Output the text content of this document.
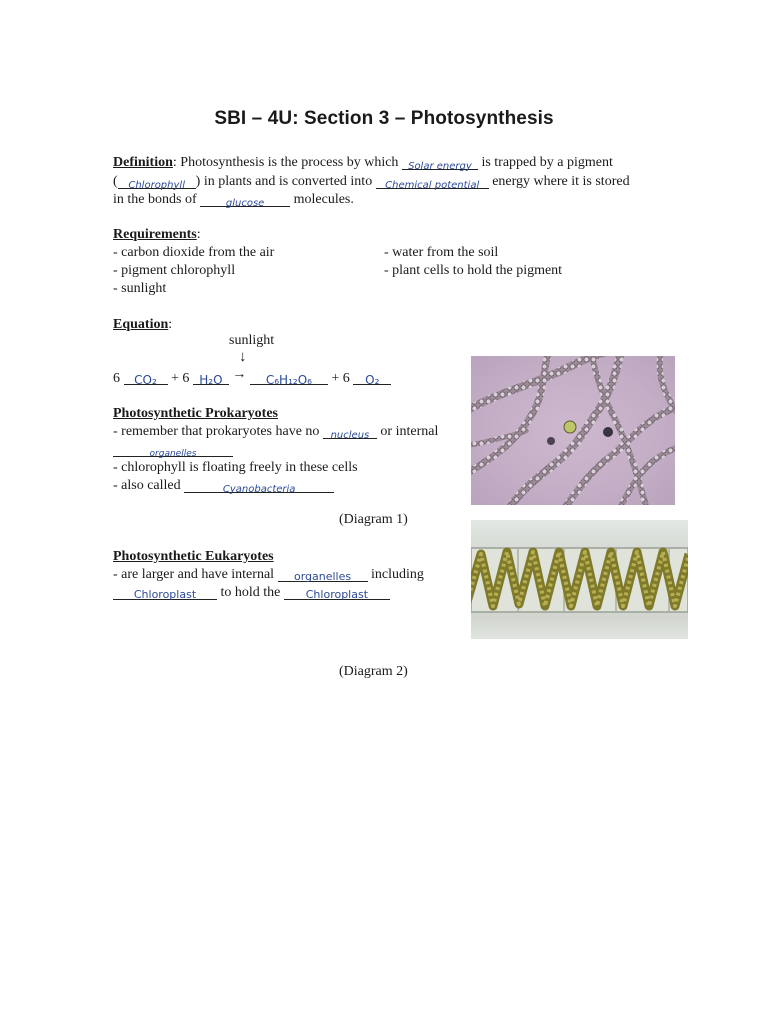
SBI – 4U: Section 3 – Photosynthesis
Definition: Photosynthesis is the process by which Solar energy is trapped by a pigment
( Chlorophyll ) in plants and is converted into Chemical potential energy where it is stored
in the bonds of	glucose molecules.
Requirements:
- carbon dioxide from the air
- pigment chlorophyll
- sunlight
- water from the soil
- plant cells to hold the pigment
Equation:
sunlight
↓
6 CO₂ + 6 H₂O → C₆H₁₂O₆ + 6 O₂
Photosynthetic Prokaryotes
- remember that prokaryotes have no nucleus or internal
organelles
- chlorophyll is floating freely in these cells
- also called	Cyanobacteria
(Diagram 1)
Photosynthetic Eukaryotes
- are larger and have internal organelles including
Chloroplast to hold the Chloroplast
(Diagram 2)
